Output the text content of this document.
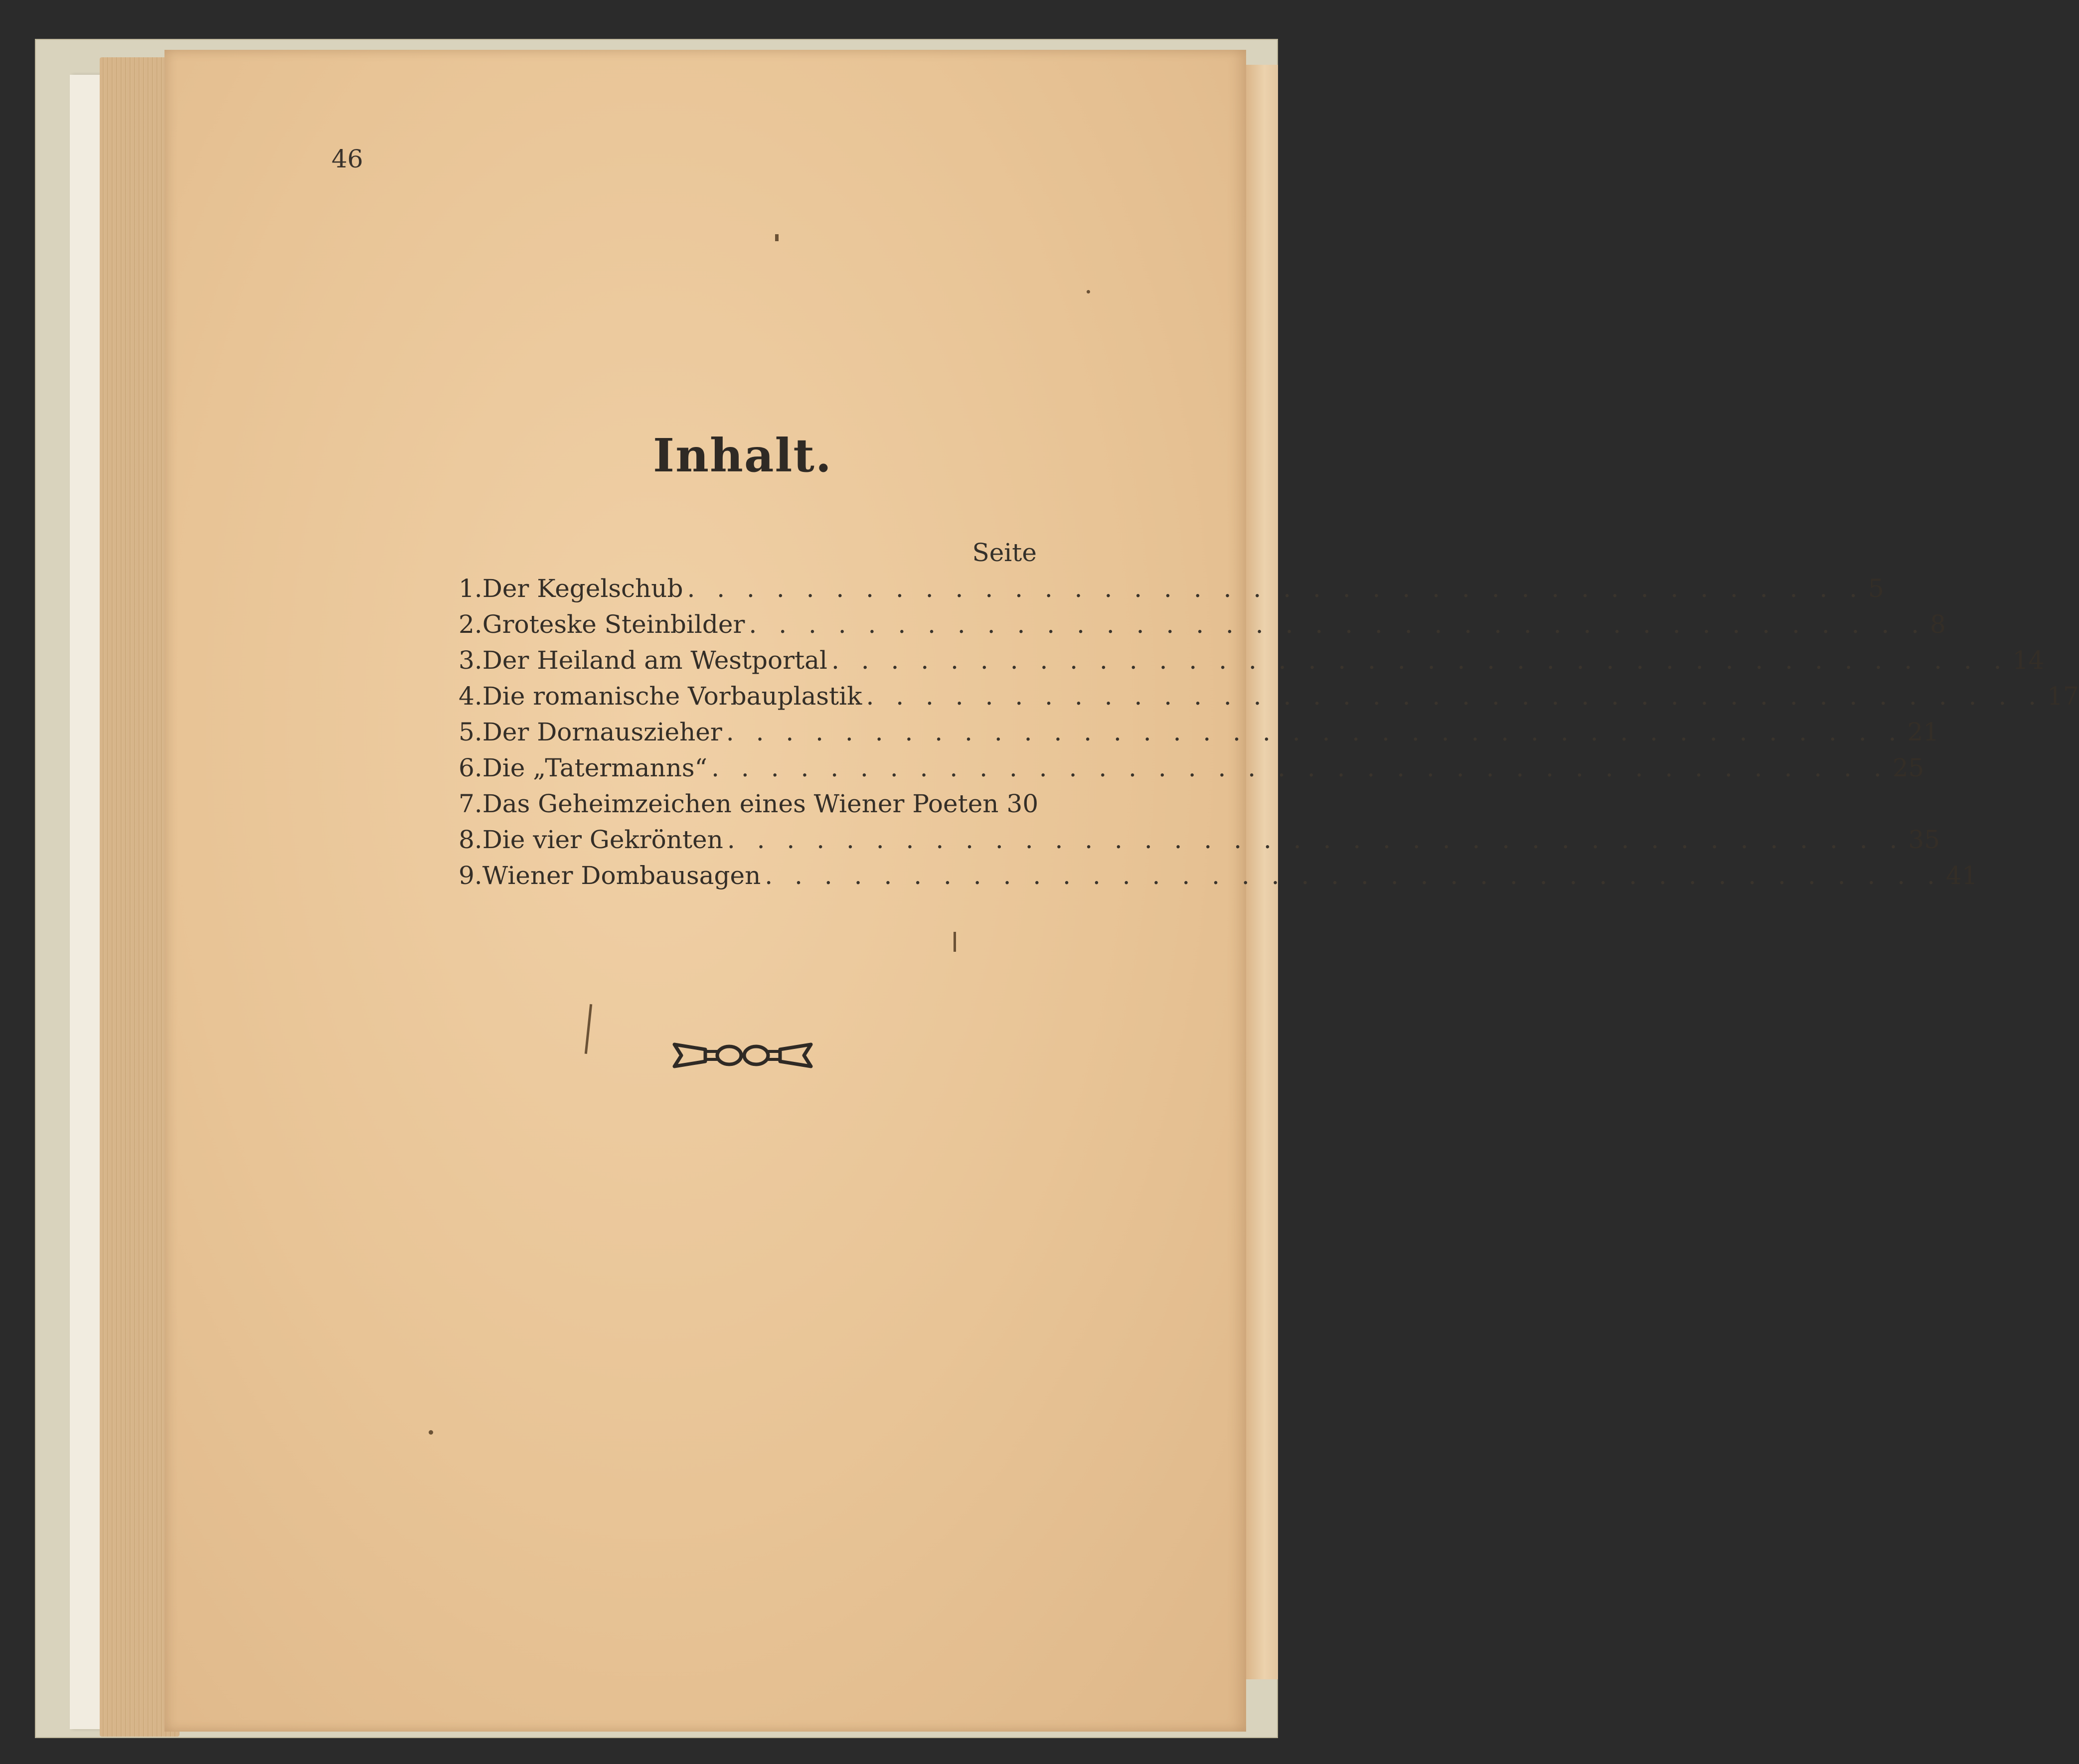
46
Inhalt.
Seite
1. Der Kegelschub . . . . . . . . . . . . . . . . . . . . . . . . . . . . . . . . . . . . . . . . 5
2. Groteske Steinbilder . . . . . . . . . . . . . . . . . . . . . . . . . . . . . . . . . . . . . . . . 8
3. Der Heiland am Westportal . . . . . . . . . . . . . . . . . . . . . . . . . . . . . . . . . . . . . . . . 14
4. Die romanische Vorbauplastik . . . . . . . . . . . . . . . . . . . . . . . . . . . . . . . . . . . . . . . . 17
5. Der Dornauszieher . . . . . . . . . . . . . . . . . . . . . . . . . . . . . . . . . . . . . . . . 21
6. Die „Tatermanns“ . . . . . . . . . . . . . . . . . . . . . . . . . . . . . . . . . . . . . . . . 25
7. Das Geheimzeichen eines Wiener Poeten 30
8. Die vier Gekrönten . . . . . . . . . . . . . . . . . . . . . . . . . . . . . . . . . . . . . . . . 35
9. Wiener Dombausagen . . . . . . . . . . . . . . . . . . . . . . . . . . . . . . . . . . . . . . . . 41
